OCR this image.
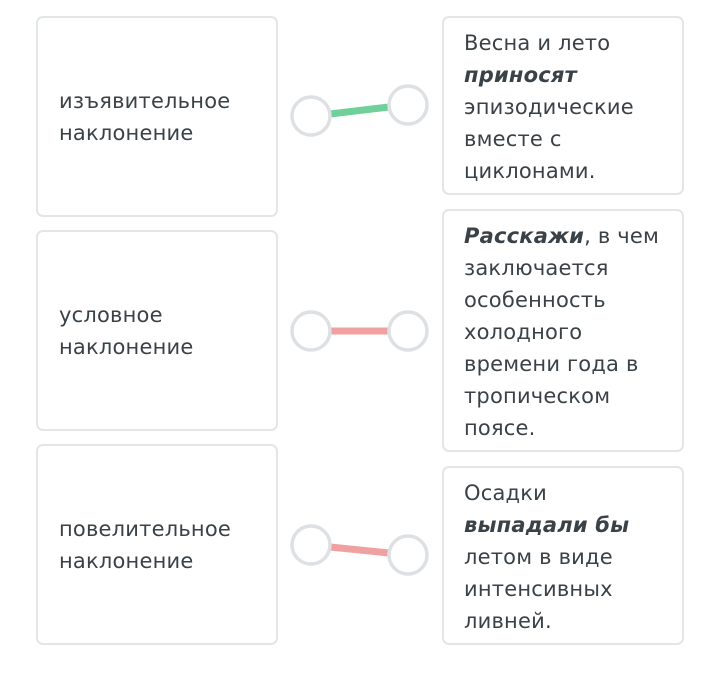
изъявительное наклонение
условное наклонение
повелительное наклонение
Весна и лето приносят эпизодические вместе с циклонами.
Расскажи, в чем заключается особенность холодного времени года в тропическом поясе.
Осадки выпадали бы летом в виде интенсивных ливней.
